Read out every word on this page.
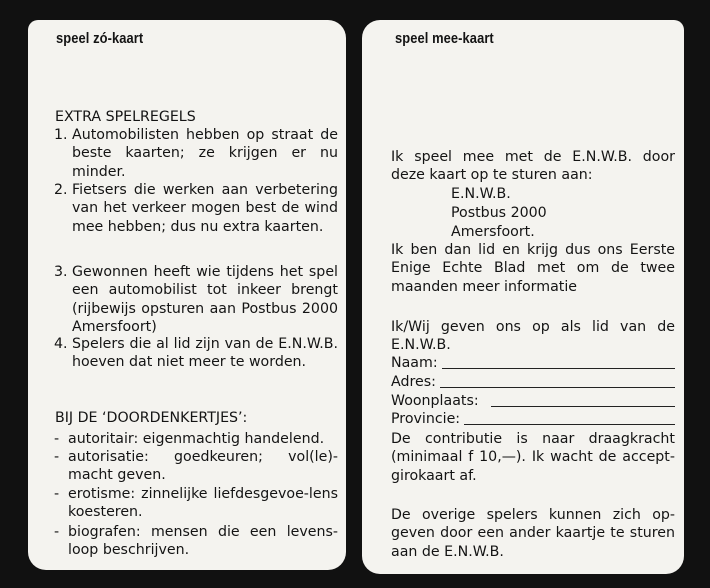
speel zó-kaart
EXTRA SPELREGELS
1. Automobilisten hebben op straat de beste kaarten; ze krijgen er nu minder.
2. Fietsers die werken aan verbetering van het verkeer mogen best de wind mee hebben; dus nu extra kaarten.
3. Gewonnen heeft wie tijdens het spel een automobilist tot inkeer brengt (rijbewijs opsturen aan Postbus 2000 Amersfoort)
4. Spelers die al lid zijn van de E.N.W.B. hoeven dat niet meer te worden.
BIJ DE ‘DOORDENKERTJES’:
- autoritair: eigenmachtig handelend.
- autorisatie: goedkeuren; vol(le)-macht geven.
- erotisme: zinnelijke liefdesgevoe-lens koesteren.
- biografen: mensen die een levens-loop beschrijven.
speel mee-kaart
Ik speel mee met de E.N.W.B. door deze kaart op te sturen aan:
E.N.W.B.
Postbus 2000
Amersfoort.
Ik ben dan lid en krijg dus ons Eerste Enige Echte Blad met om de twee maanden meer informatie
Ik/Wij geven ons op als lid van de E.N.W.B.
Naam:
Adres:
Woonplaats:
Provincie:
De contributie is naar draagkracht (minimaal f 10,—). Ik wacht de accept-girokaart af.
De overige spelers kunnen zich op-geven door een ander kaartje te sturen aan de E.N.W.B.
